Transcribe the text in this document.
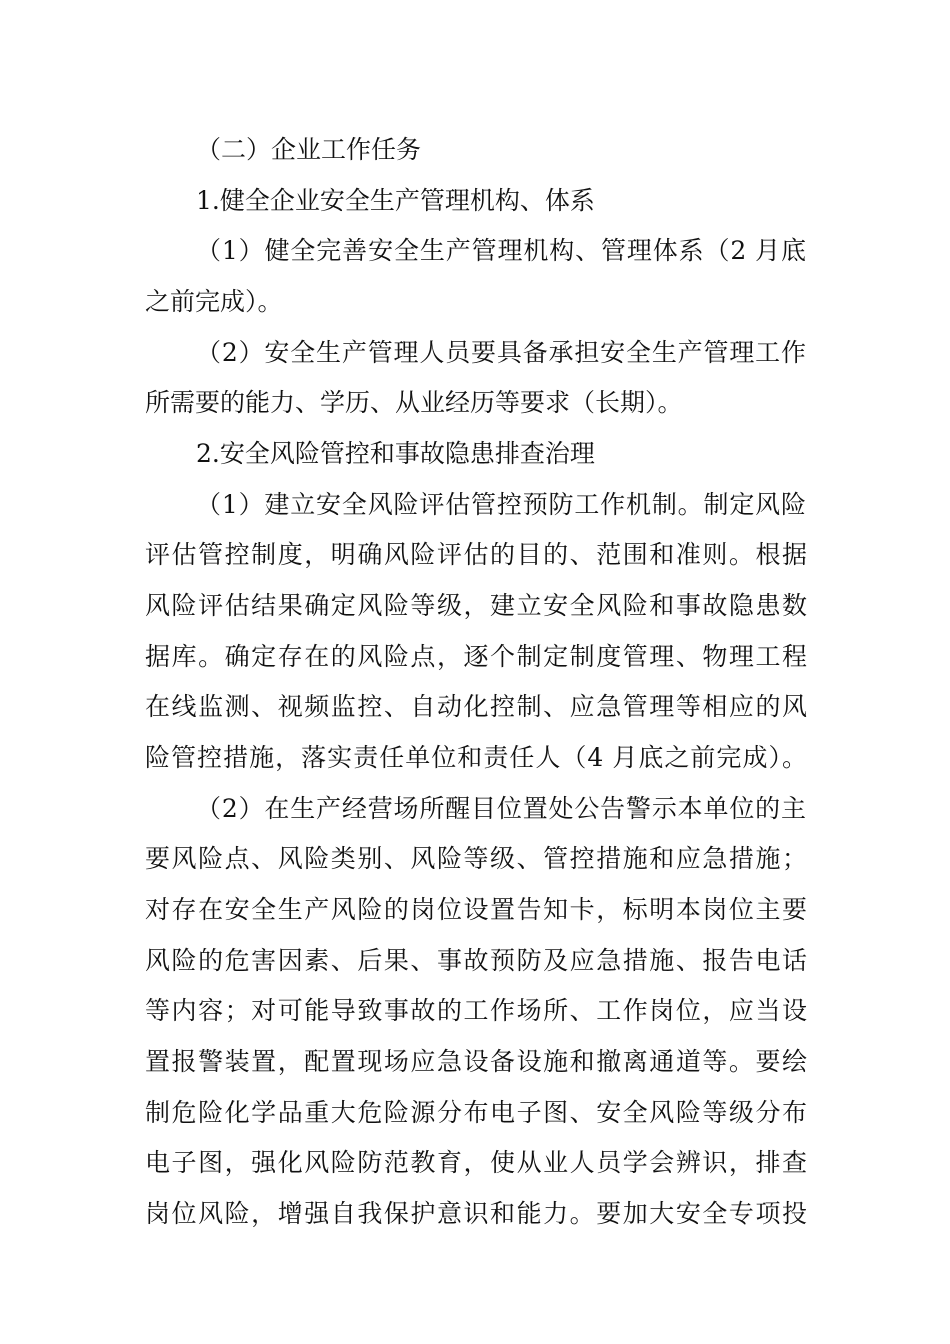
（二）企业工作任务
1.健全企业安全生产管理机构、体系
（1）健全完善安全生产管理机构、管理体系（2 月底
之前完成）。
（2）安全生产管理人员要具备承担安全生产管理工作
所需要的能力、学历、从业经历等要求（长期）。
2.安全风险管控和事故隐患排查治理
（1）建立安全风险评估管控预防工作机制。制定风险
评估管控制度，明确风险评估的目的、范围和准则。根据
风险评估结果确定风险等级，建立安全风险和事故隐患数
据库。确定存在的风险点，逐个制定制度管理、物理工程
在线监测、视频监控、自动化控制、应急管理等相应的风
险管控措施，落实责任单位和责任人（4 月底之前完成）。
（2）在生产经营场所醒目位置处公告警示本单位的主
要风险点、风险类别、风险等级、管控措施和应急措施；
对存在安全生产风险的岗位设置告知卡，标明本岗位主要
风险的危害因素、后果、事故预防及应急措施、报告电话
等内容；对可能导致事故的工作场所、工作岗位，应当设
置报警装置，配置现场应急设备设施和撤离通道等。要绘
制危险化学品重大危险源分布电子图、安全风险等级分布
电子图，强化风险防范教育，使从业人员学会辨识，排查
岗位风险，增强自我保护意识和能力。要加大安全专项投
